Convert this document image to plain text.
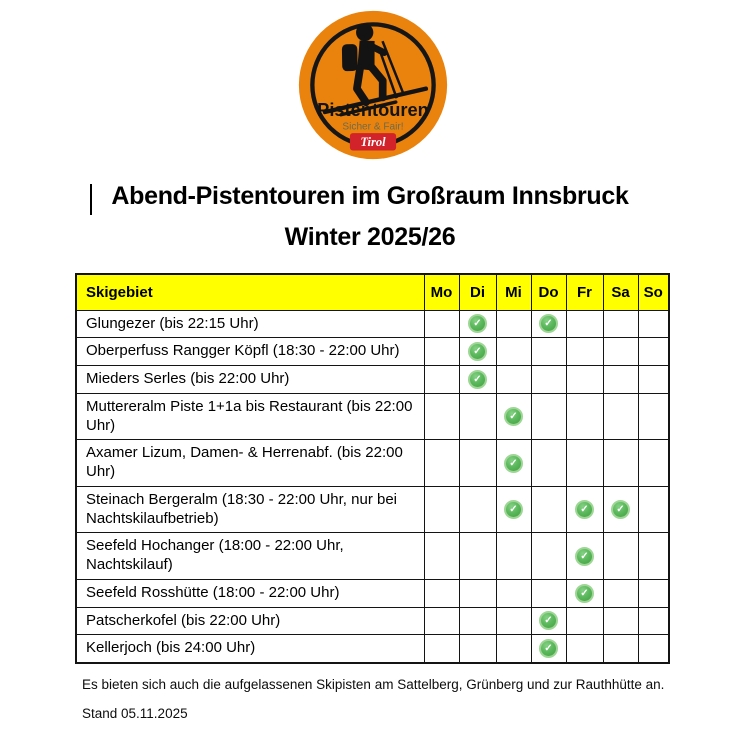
Pistentouren
Sicher & Fair!
Tirol
Abend-Pistentouren im Großraum Innsbruck
Winter 2025/26
Skigebiet	Mo	Di	Mi	Do	Fr	Sa	So
Glungezer (bis 22:15 Uhr)		✓		✓			
Oberperfuss Rangger Köpfl (18:30 - 22:00 Uhr)		✓					
Mieders Serles (bis 22:00 Uhr)		✓					
Muttereralm Piste 1+1a bis Restaurant (bis 22:00 Uhr)			✓				
Axamer Lizum, Damen- & Herrenabf. (bis 22:00 Uhr)			✓				
Steinach Bergeralm (18:30 - 22:00 Uhr, nur bei Nachtskilaufbetrieb)			✓		✓	✓	
Seefeld Hochanger (18:00 - 22:00 Uhr, Nachtskilauf)					✓		
Seefeld Rosshütte (18:00 - 22:00 Uhr)					✓		
Patscherkofel (bis 22:00 Uhr)				✓			
Kellerjoch (bis 24:00 Uhr)				✓			

Es bieten sich auch die aufgelassenen Skipisten am Sattelberg, Grünberg und zur Rauthhütte an.

Stand 05.11.2025
